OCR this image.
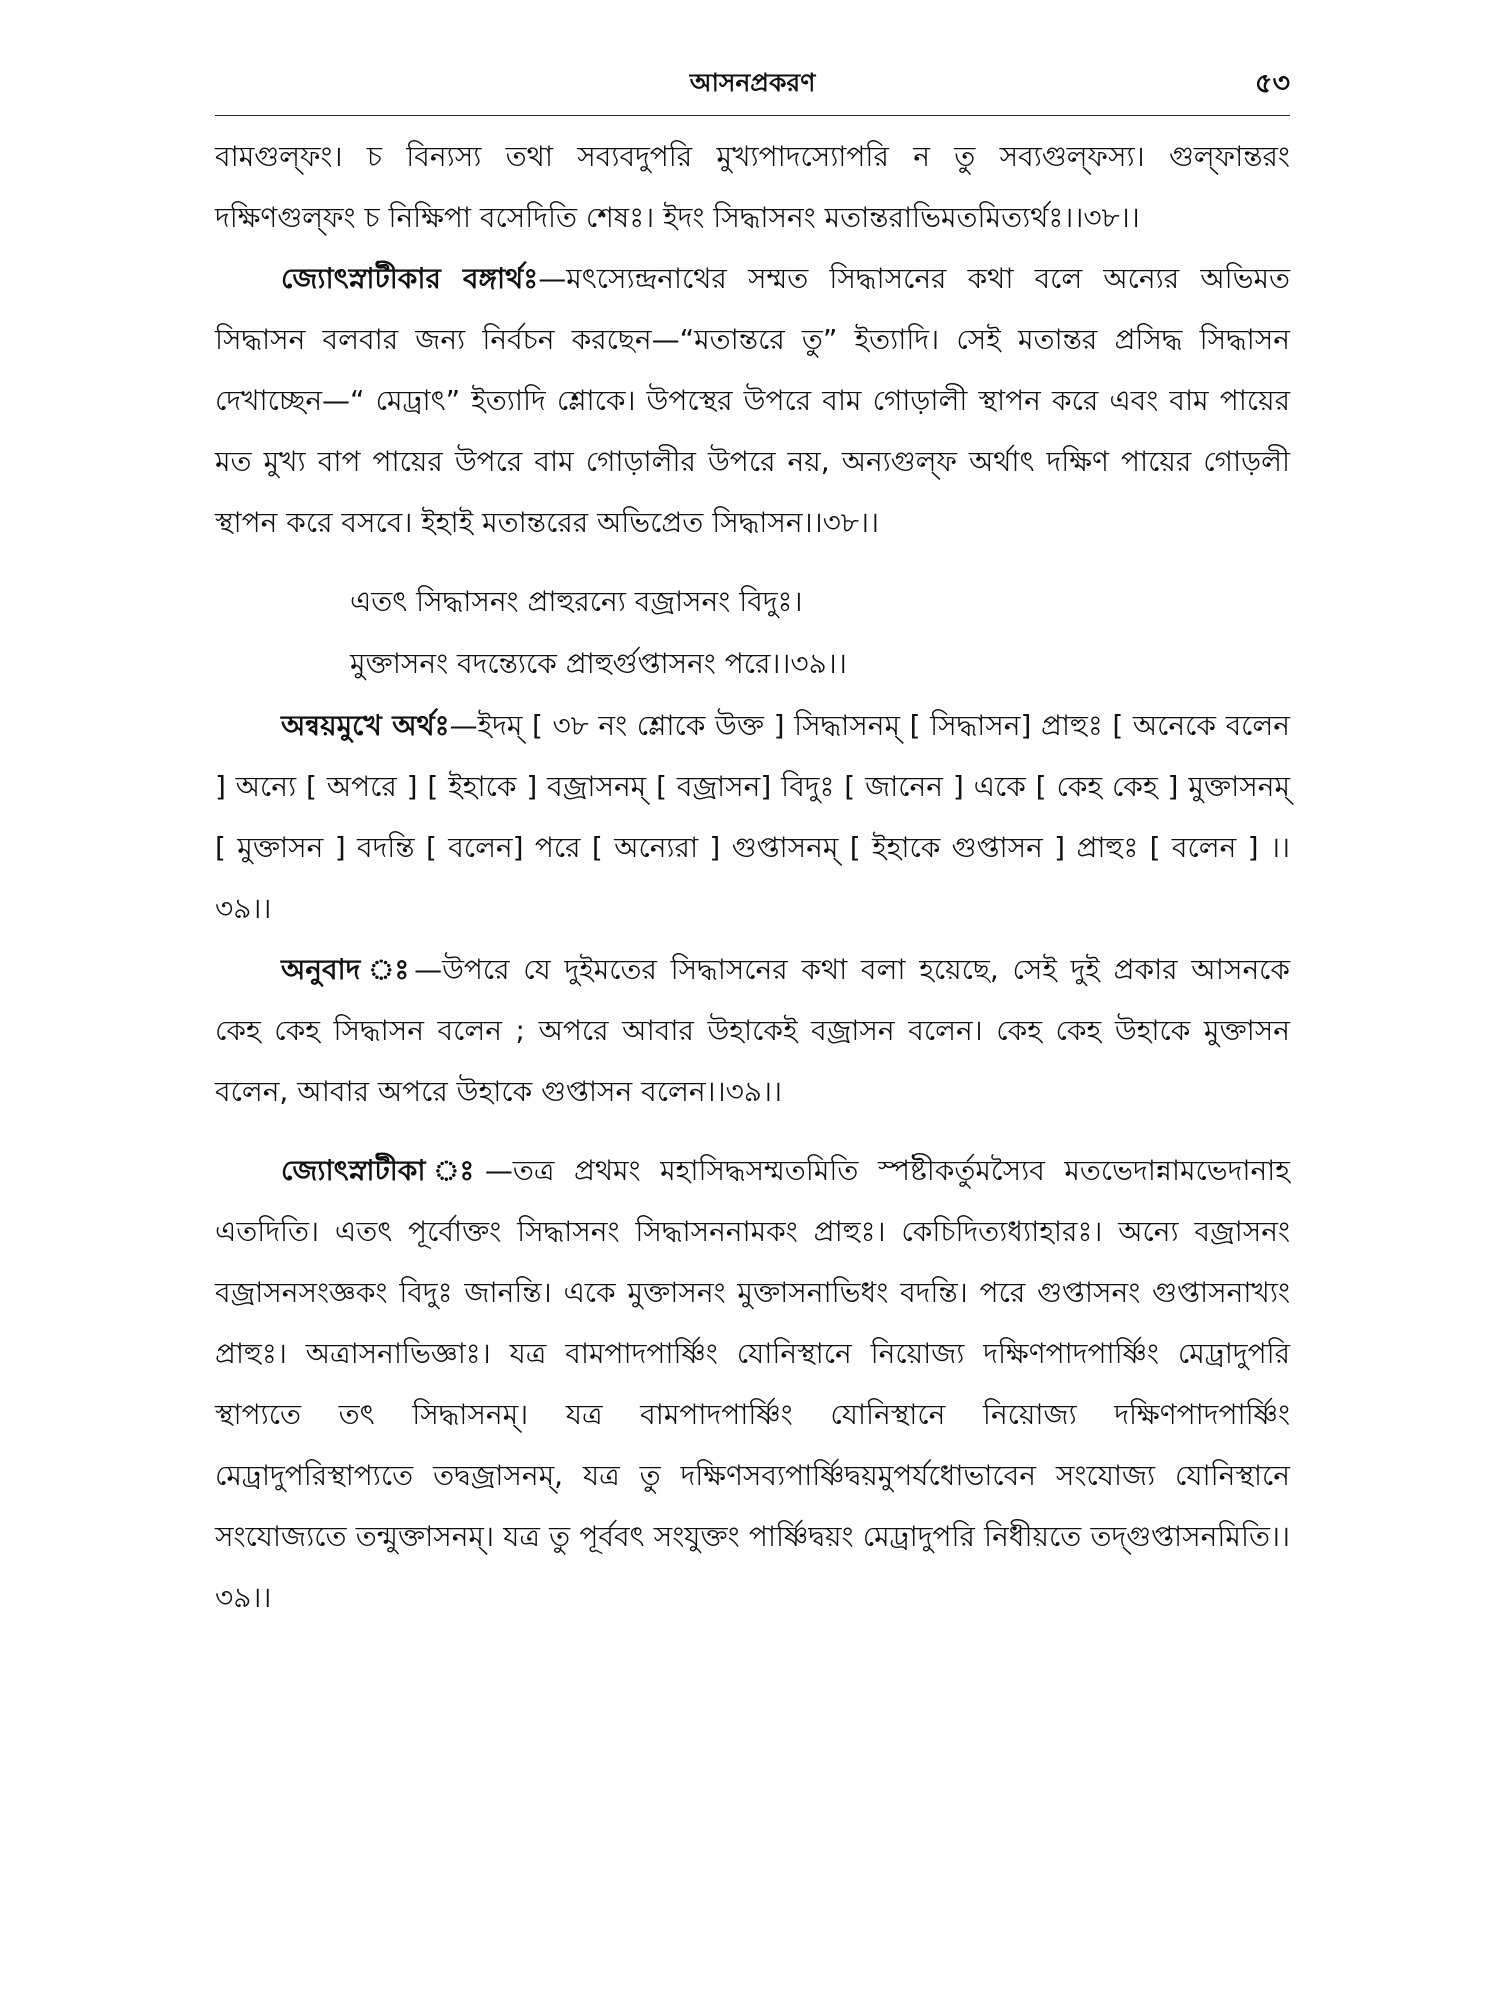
আসনপ্রকরণ	৫৩

বামগুল্‌ফং। চ বিন্যস্য তথা সব্যবদুপরি মুখ্যপাদস্যোপরি ন তু সব্যগুল্‌ফস্য। গুল্‌ফান্তরং দক্ষিণগুল্‌ফং চ নিক্ষিপা বসেদিতি শেষঃ। ইদং সিদ্ধাসনং মতান্তরাভিমতমিত্যর্থঃ।।৩৮।।

জ্যোৎস্নাটীকার বঙ্গার্থঃ—মৎস্যেন্দ্রনাথের সম্মত সিদ্ধাসনের কথা বলে অন্যের অভিমত সিদ্ধাসন বলবার জন্য নির্বচন করছেন—“মতান্তরে তু” ইত্যাদি। সেই মতান্তর প্রসিদ্ধ সিদ্ধাসন দেখাচ্ছেন—“ মেঢ্রাৎ” ইত্যাদি শ্লোকে। উপস্থের উপরে বাম গোড়ালী স্থাপন করে এবং বাম পায়ের মত মুখ্য বাপ পায়ের উপরে বাম গোড়ালীর উপরে নয়, অন্যগুল্‌ফ অর্থাৎ দক্ষিণ পায়ের গোড়লী স্থাপন করে বসবে। ইহাই মতান্তরের অভিপ্রেত সিদ্ধাসন।।৩৮।।

এতৎ সিদ্ধাসনং প্রাহুরন্যে বজ্রাসনং বিদুঃ।
মুক্তাসনং বদন্ত্যেকে প্রাহুর্গুপ্তাসনং পরে।।৩৯।।

অন্বয়মুখে অর্থঃ—ইদম্‌ [ ৩৮ নং শ্লোকে উক্ত ] সিদ্ধাসনম্‌ [ সিদ্ধাসন] প্রাহুঃ [ অনেকে বলেন ] অন্যে [ অপরে ] [ ইহাকে ] বজ্রাসনম্‌ [ বজ্রাসন] বিদুঃ [ জানেন ] একে [ কেহ কেহ ] মুক্তাসনম্‌ [ মুক্তাসন ] বদন্তি [ বলেন] পরে [ অন্যেরা ] গুপ্তাসনম্‌ [ ইহাকে গুপ্তাসন ] প্রাহুঃ [ বলেন ] ।।৩৯।।

অনুবাদ ঃ—উপরে যে দুইমতের সিদ্ধাসনের কথা বলা হয়েছে, সেই দুই প্রকার আসনকে কেহ কেহ সিদ্ধাসন বলেন ; অপরে আবার উহাকেই বজ্রাসন বলেন। কেহ কেহ উহাকে মুক্তাসন বলেন, আবার অপরে উহাকে গুপ্তাসন বলেন।।৩৯।।

জ্যোৎস্নাটীকা ঃ—তত্র প্রথমং মহাসিদ্ধসম্মতমিতি স্পষ্টীকর্তুমস্যৈব মতভেদান্নামভেদানাহ এতদিতি। এতৎ পূর্বোক্তং সিদ্ধাসনং সিদ্ধাসননামকং প্রাহুঃ। কেচিদিত্যধ্যাহারঃ। অন্যে বজ্রাসনং বজ্রাসনসংজ্ঞকং বিদুঃ জানন্তি। একে মুক্তাসনং মুক্তাসনাভিধং বদন্তি। পরে গুপ্তাসনং গুপ্তাসনাখ্যং প্রাহুঃ। অত্রাসনাভিজ্ঞাঃ। যত্র বামপাদপার্ষ্ণিং যোনিস্থানে নিয়োজ্য দক্ষিণপাদপার্ষ্ণিং মেঢ্রাদুপরি স্থাপ্যতে তৎ সিদ্ধাসনম্‌। যত্র বামপাদপার্ষ্ণিং যোনিস্থানে নিয়োজ্য দক্ষিণপাদপার্ষ্ণিং মেঢ্রাদুপরিস্থাপ্যতে তদ্বজ্রাসনম্‌, যত্র তু দক্ষিণসব্যপার্ষ্ণিদ্বয়মুপর্যধোভাবেন সংযোজ্য যোনিস্থানে সংযোজ্যতে তন্মুক্তাসনম্‌। যত্র তু পূর্ববৎ সংযুক্তং পার্ষ্ণিদ্বয়ং মেঢ্রাদুপরি নিধীয়তে তদ্‌গুপ্তাসনমিতি।।৩৯।।
